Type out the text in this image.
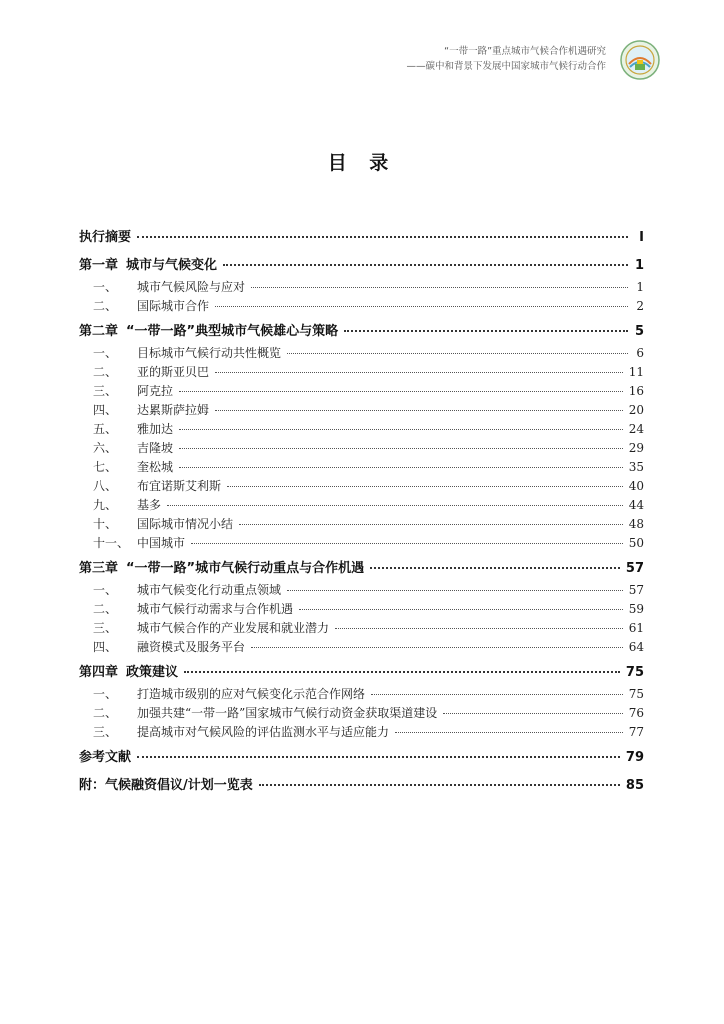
“一带一路”重点城市气候合作机遇研究
——碳中和背景下发展中国家城市气候行动合作
目 录
执行摘要	I
第一章 城市与气候变化	1
一、	城市气候风险与应对	1
二、	国际城市合作	2
第二章 “一带一路”典型城市气候雄心与策略	5
一、	目标城市气候行动共性概览	6
二、	亚的斯亚贝巴	11
三、	阿克拉	16
四、	达累斯萨拉姆	20
五、	雅加达	24
六、	吉隆坡	29
七、	奎松城	35
八、	布宜诺斯艾利斯	40
九、	基多	44
十、	国际城市情况小结	48
十一、 中国城市	50
第三章 “一带一路”城市气候行动重点与合作机遇	57
一、	城市气候变化行动重点领域	57
二、	城市气候行动需求与合作机遇	59
三、	城市气候合作的产业发展和就业潜力	61
四、	融资模式及服务平台	64
第四章 政策建议	75
一、	打造城市级别的应对气候变化示范合作网络	75
二、	加强共建“一带一路”国家城市气候行动资金获取渠道建设	76
三、	提高城市对气候风险的评估监测水平与适应能力	77
参考文献	79
附：气候融资倡议/计划一览表	85
